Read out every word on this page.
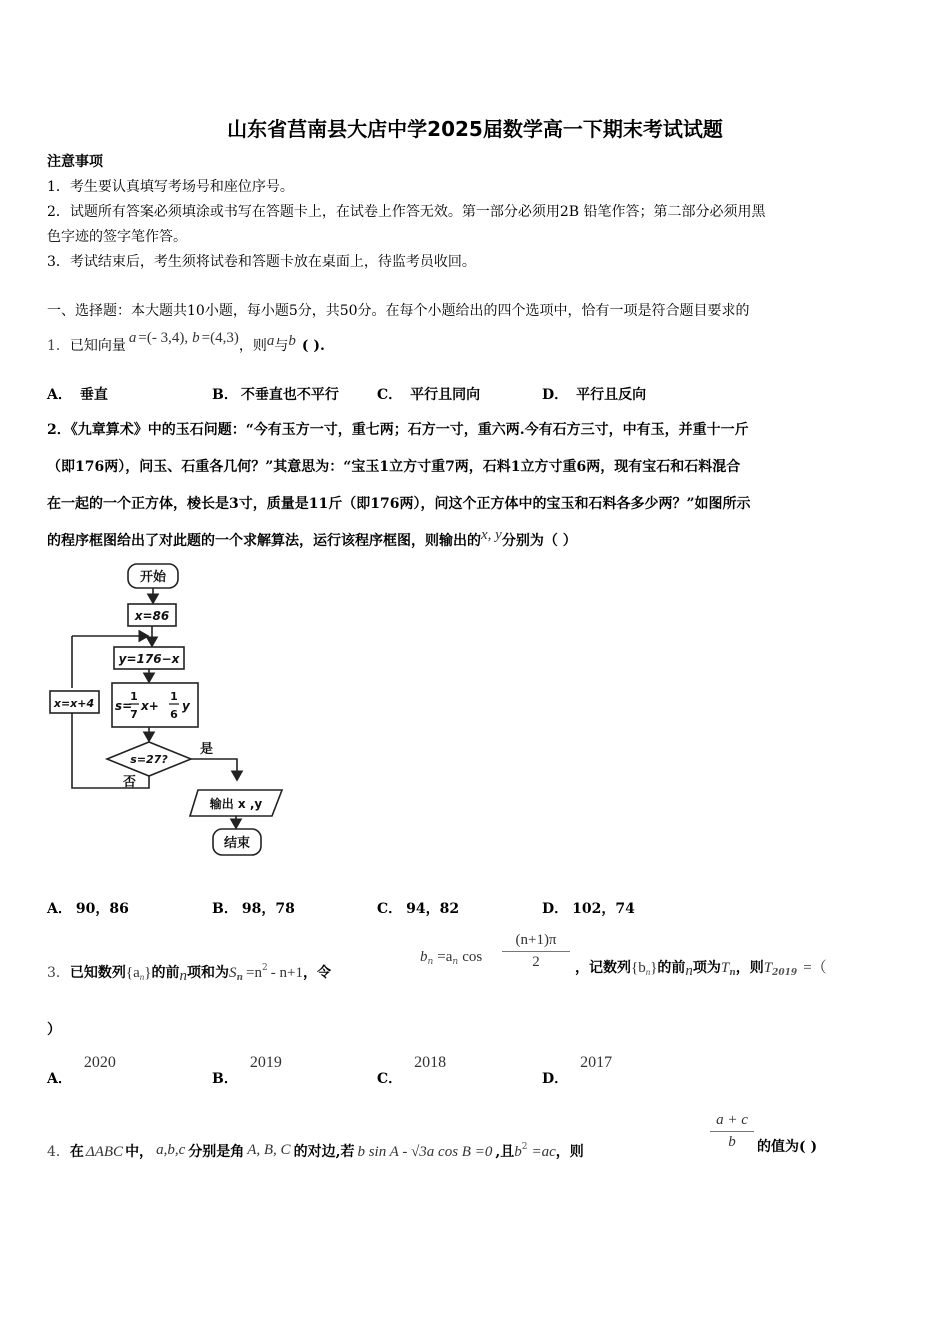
山东省莒南县大店中学2025届数学高一下期末考试试题
注意事项
1．考生要认真填写考场号和座位序号。
2．试题所有答案必须填涂或书写在答题卡上，在试卷上作答无效。第一部分必须用2B 铅笔作答；第二部分必须用黑
色字迹的签字笔作答。
3．考试结束后，考生须将试卷和答题卡放在桌面上，待监考员收回。
一、选择题：本大题共10小题，每小题5分，共50分。在每个小题给出的四个选项中，恰有一项是符合题目要求的
1．已知向量 a =(- 3,4), b =(4,3)，则a与b ( ).
A． 垂直	B． 不垂直也不平行	C． 平行且同向	D． 平行且反向
2．《九章算术》中的玉石问题：“今有玉方一寸，重七两；石方一寸，重六两.今有石方三寸，中有玉，并重十一斤
（即176两），问玉、石重各几何？”其意思为：“宝玉1立方寸重7两，石料1立方寸重6两，现有宝石和石料混合
在一起的一个正方体，棱长是3寸，质量是11斤（即176两），问这个正方体中的宝玉和石料各多少两？”如图所示
的程序框图给出了对此题的一个求解算法，运行该程序框图，则输出的x, y分别为（ ）
开始
x=86
y=176−x
s=
1
7
x+
1
6
y
s=27?
是
否
x=x+4
输出 x ,y
结束
A． 90，86	B． 98，78	C． 94，82	D． 102，74
3．已知数列$\{a_n\}$的前n项和为$S_n =n^2 - n+1$，令
$b_n =a_n$ $\cos \frac{(n+1)\pi}{2}$ ，记数列$\{b_n\}$的前n项为$T_n$，则$T_{2019}$ =（
）
A．2020
B．2019
C．2018
D．2017
4．在 ΔABC 中， a,b,c 分别是角 A, B, C 的对边,若 b sin A - √3a cos B =0 ,且$b^2 =ac$，则
$\frac{a + c}{b}$ 的值为( )
